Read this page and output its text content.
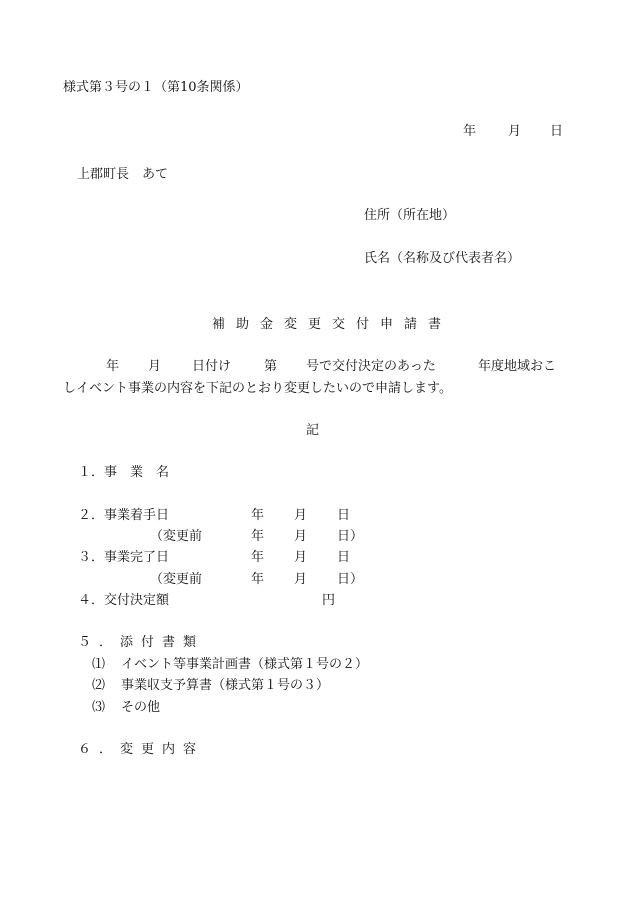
様式第３号の１（第10条関係）
年 月 日
上郡町長　あて
住所（所在地）
氏名（名称及び代表者名）
補助金変更交付申請書
年 月 日付け	第 号で交付決定のあった	年度地域おこ
しイベント事業の内容を下記のとおり変更したいので申請します。
記
１．事　業　名
２．事業着手日	年 月 日
（変更前	年 月 日）
３．事業完了日	年 月 日
（変更前	年 月 日）
４．交付決定額	円
５．添付書類
⑴ イベント等事業計画書（様式第１号の２）
⑵ 事業収支予算書（様式第１号の３）
⑶ その他
６．変更内容
